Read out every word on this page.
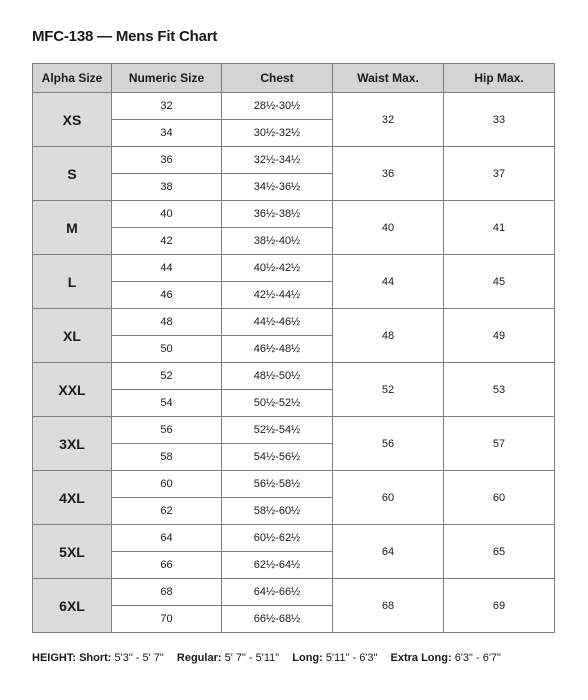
MFC-138 — Mens Fit Chart
Alpha Size	Numeric Size	Chest	Waist Max.	Hip Max.
XS	32	28½-30½	32	33
	34	30½-32½		
S	36	32½-34½	36	37
	38	34½-36½		
M	40	36½-38½	40	41
	42	38½-40½		
L	44	40½-42½	44	45
	46	42½-44½		
XL	48	44½-46½	48	49
	50	46½-48½		
XXL	52	48½-50½	52	53
	54	50½-52½		
3XL	56	52½-54½	56	57
	58	54½-56½		
4XL	60	56½-58½	60	60
	62	58½-60½		
5XL	64	60½-62½	64	65
	66	62½-64½		
6XL	68	64½-66½	68	69
	70	66½-68½		
HEIGHT: Short: 5'3" - 5' 7" Regular: 5' 7" - 5'11" Long: 5'11" - 6'3" Extra Long: 6'3" - 6'7"
